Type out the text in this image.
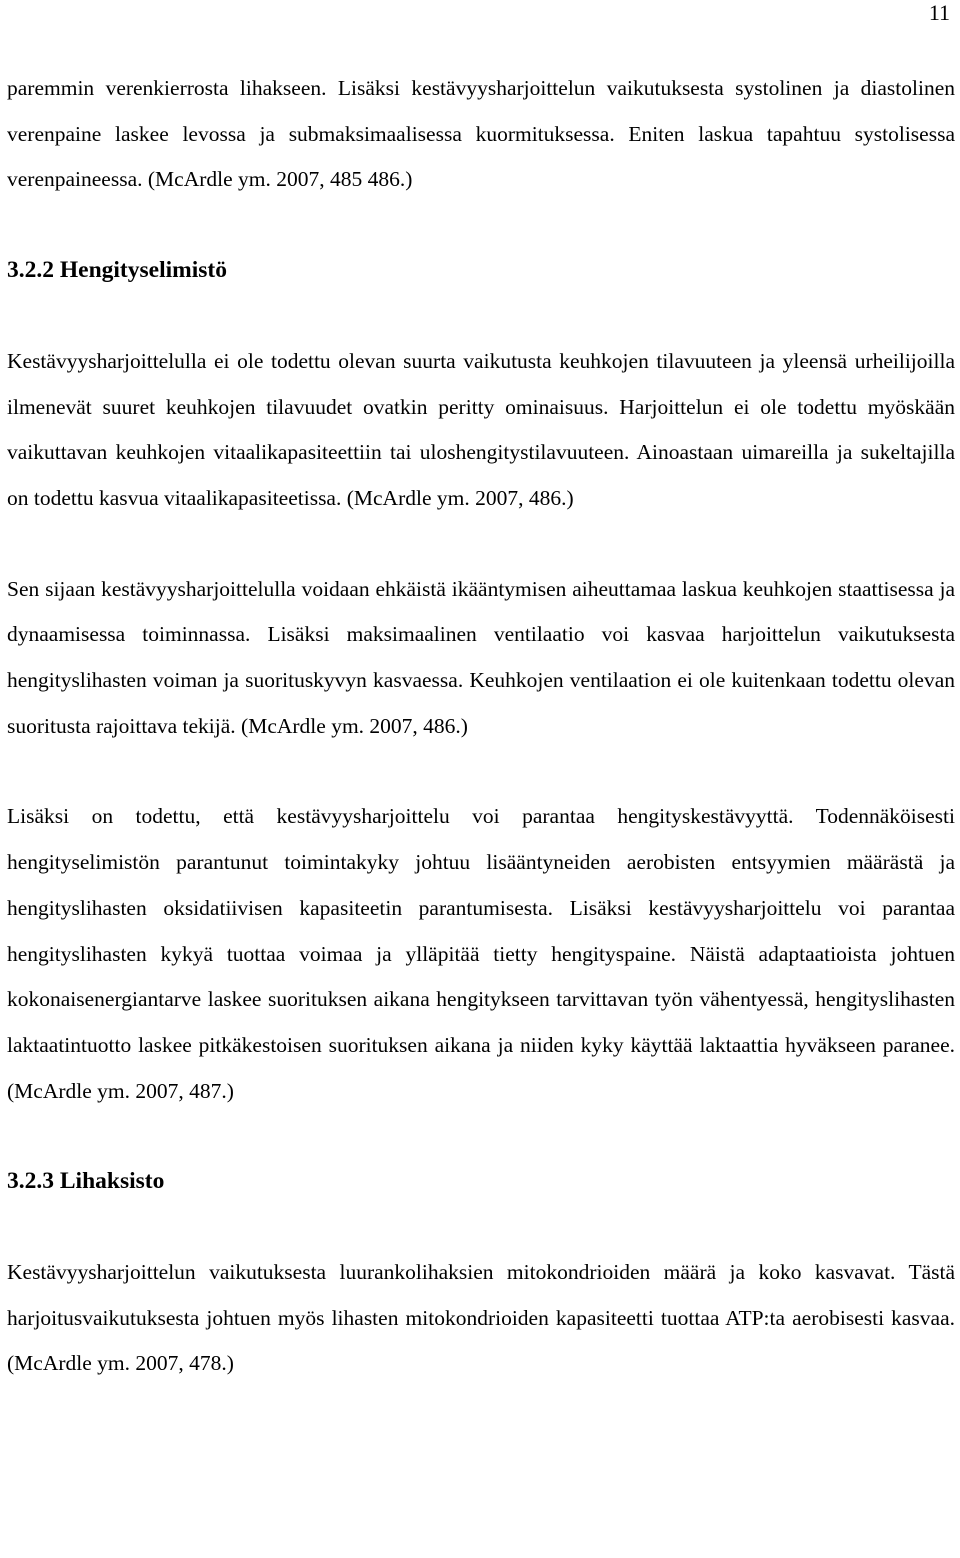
11

paremmin verenkierrosta lihakseen. Lisäksi kestävyysharjoittelun vaikutuksesta systolinen ja diastolinen verenpaine laskee levossa ja submaksimaalisessa kuormituksessa. Eniten laskua tapahtuu systolisessa verenpaineessa. (McArdle ym. 2007, 485 486.)

3.2.2 Hengityselimistö

Kestävyysharjoittelulla ei ole todettu olevan suurta vaikutusta keuhkojen tilavuuteen ja yleensä urheilijoilla ilmenevät suuret keuhkojen tilavuudet ovatkin peritty ominaisuus. Harjoittelun ei ole todettu myöskään vaikuttavan keuhkojen vitaalikapasiteettiin tai uloshengitystilavuuteen. Ainoastaan uimareilla ja sukeltajilla on todettu kasvua vitaalikapasiteetissa. (McArdle ym. 2007, 486.)

Sen sijaan kestävyysharjoittelulla voidaan ehkäistä ikääntymisen aiheuttamaa laskua keuhkojen staattisessa ja dynaamisessa toiminnassa. Lisäksi maksimaalinen ventilaatio voi kasvaa harjoittelun vaikutuksesta hengityslihasten voiman ja suorituskyvyn kasvaessa. Keuhkojen ventilaation ei ole kuitenkaan todettu olevan suoritusta rajoittava tekijä. (McArdle ym. 2007, 486.)

Lisäksi on todettu, että kestävyysharjoittelu voi parantaa hengityskestävyyttä. Todennäköisesti hengityselimistön parantunut toimintakyky johtuu lisääntyneiden aerobisten entsyymien määrästä ja hengityslihasten oksidatiivisen kapasiteetin parantumisesta. Lisäksi kestävyysharjoittelu voi parantaa hengityslihasten kykyä tuottaa voimaa ja ylläpitää tietty hengityspaine. Näistä adaptaatioista johtuen kokonaisenergiantarve laskee suorituksen aikana hengitykseen tarvittavan työn vähentyessä, hengityslihasten laktaatintuotto laskee pitkäkestoisen suorituksen aikana ja niiden kyky käyttää laktaattia hyväkseen paranee. (McArdle ym. 2007, 487.)

3.2.3 Lihaksisto

Kestävyysharjoittelun vaikutuksesta luurankolihaksien mitokondrioiden määrä ja koko kasvavat. Tästä harjoitusvaikutuksesta johtuen myös lihasten mitokondrioiden kapasiteetti tuottaa ATP:ta aerobisesti kasvaa. (McArdle ym. 2007, 478.)
